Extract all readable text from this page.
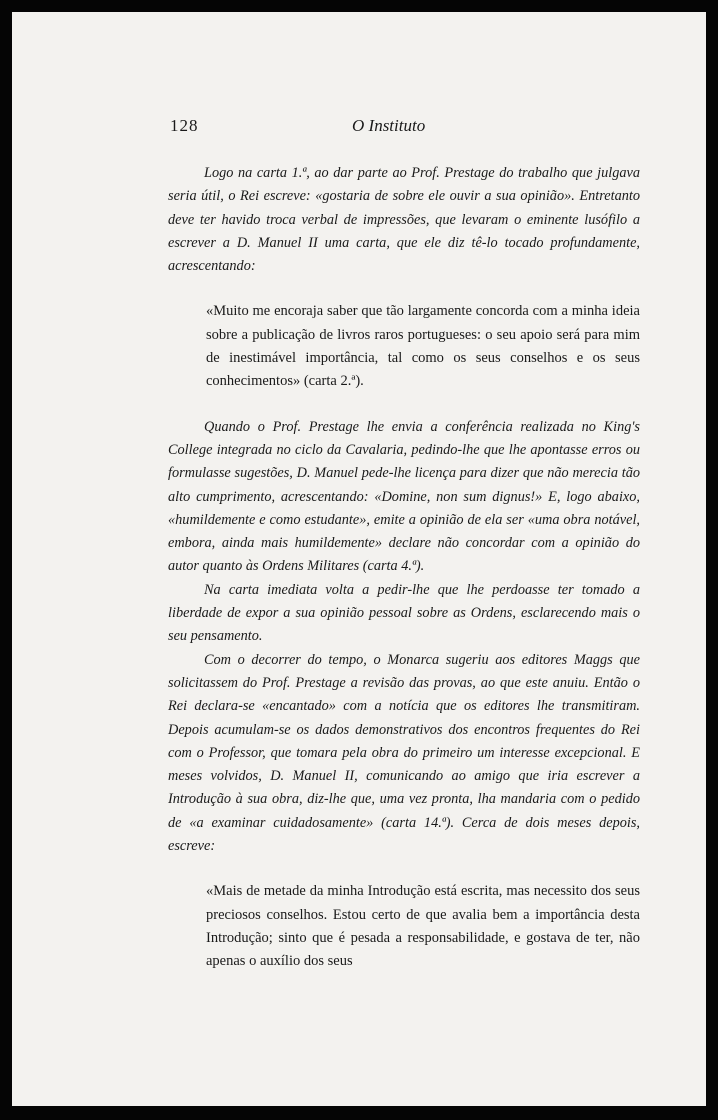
128	O Instituto

Logo na carta 1.ª, ao dar parte ao Prof. Prestage do trabalho que julgava seria útil, o Rei escreve: «gostaria de sobre ele ouvir a sua opinião». Entretanto deve ter havido troca verbal de impressões, que levaram o eminente lusófilo a escrever a D. Manuel II uma carta, que ele diz tê-lo tocado profundamente, acrescentando:

«Muito me encoraja saber que tão largamente concorda com a minha ideia sobre a publicação de livros raros portugueses: o seu apoio será para mim de inestimável importância, tal como os seus conselhos e os seus conhecimentos» (carta 2.ª).

Quando o Prof. Prestage lhe envia a conferência realizada no King's College integrada no ciclo da Cavalaria, pedindo-lhe que lhe apontasse erros ou formulasse sugestões, D. Manuel pede-lhe licença para dizer que não merecia tão alto cumprimento, acrescentando: «Domine, non sum dignus!» E, logo abaixo, «humildemente e como estudante», emite a opinião de ela ser «uma obra notável, embora, ainda mais humildemente» declare não concordar com a opinião do autor quanto às Ordens Militares (carta 4.ª).

Na carta imediata volta a pedir-lhe que lhe perdoasse ter tomado a liberdade de expor a sua opinião pessoal sobre as Ordens, esclarecendo mais o seu pensamento.

Com o decorrer do tempo, o Monarca sugeriu aos editores Maggs que solicitassem do Prof. Prestage a revisão das provas, ao que este anuiu. Então o Rei declara-se «encantado» com a notícia que os editores lhe transmitiram. Depois acumulam-se os dados demonstrativos dos encontros frequentes do Rei com o Professor, que tomara pela obra do primeiro um interesse excepcional. E meses volvidos, D. Manuel II, comunicando ao amigo que iria escrever a Introdução à sua obra, diz-lhe que, uma vez pronta, lha mandaria com o pedido de «a examinar cuidadosamente» (carta 14.ª). Cerca de dois meses depois, escreve:

«Mais de metade da minha Introdução está escrita, mas necessito dos seus preciosos conselhos. Estou certo de que avalia bem a importância desta Introdução; sinto que é pesada a responsabilidade, e gostava de ter, não apenas o auxílio dos seus
